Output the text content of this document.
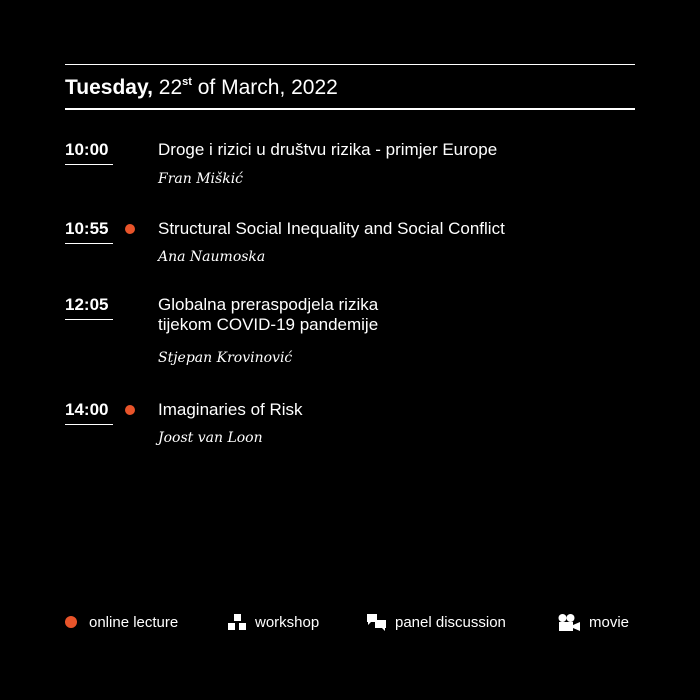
Tuesday, 22st of March, 2022
10:00	Droge i rizici u društvu rizika - primjer Europe
Fran Miškić
10:55	Structural Social Inequality and Social Conflict
Ana Naumoska
12:05	Globalna preraspodjela rizika
tijekom COVID-19 pandemije
Stjepan Krovinović
14:00	Imaginaries of Risk
Joost van Loon
online lecture	workshop	panel discussion	movie
